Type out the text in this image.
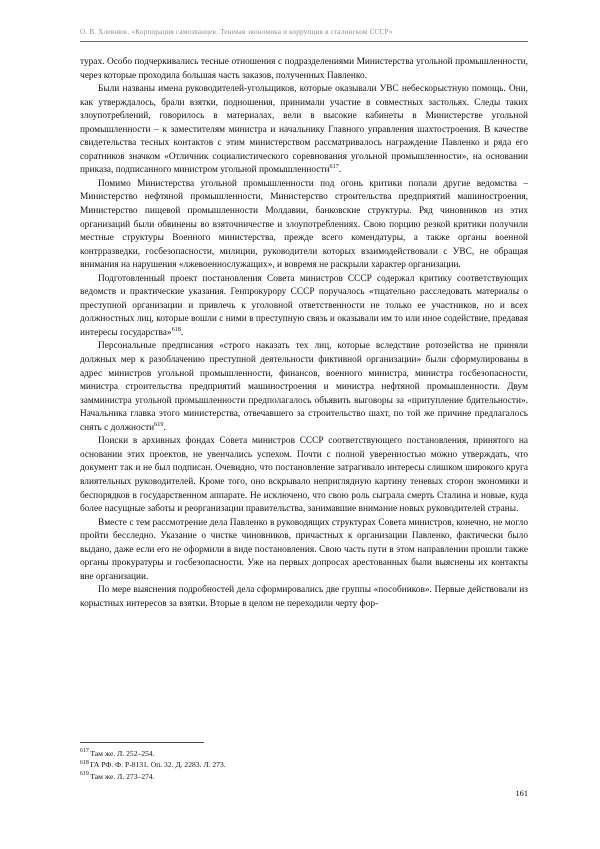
О. В. Хлевнюк. «Корпорация самозванцев. Теневая экономика и коррупция в сталинском СССР»

турах. Особо подчеркивались тесные отношения с подразделениями Министерства угольной промышленности, через которые проходила большая часть заказов, полученных Павленко.

Были названы имена руководителей-угольщиков, которые оказывали УВС небескорыстную помощь. Они, как утверждалось, брали взятки, подношения, принимали участие в совместных застольях. Следы таких злоупотреблений, говорилось в материалах, вели в высокие кабинеты в Министерстве угольной промышленности – к заместителям министра и начальнику Главного управления шахтостроения. В качестве свидетельства тесных контактов с этим министерством рассматривалось награждение Павленко и ряда его соратников значком «Отличник социалистического соревнования угольной промышленности», на основании приказа, подписанного министром угольной промышленности$^{617}$.

Помимо Министерства угольной промышленности под огонь критики попали другие ведомства – Министерство нефтяной промышленности, Министерство строительства предприятий машиностроения, Министерство пищевой промышленности Молдавии, банковские структуры. Ряд чиновников из этих организаций были обвинены во взяточничестве и злоупотреблениях. Свою порцию резкой критики получили местные структуры Военного министерства, прежде всего комендатуры, а также органы военной контрразведки, госбезопасности, милиции, руководители которых взаимодействовали с УВС, не обращая внимания на нарушения «лжевоеннослужащих», и вовремя не раскрыли характер организации.

Подготовленный проект постановления Совета министров СССР содержал критику соответствующих ведомств и практические указания. Генпрокурору СССР поручалось «тщательно расследовать материалы о преступной организации и привлечь к уголовной ответственности не только ее участников, но и всех должностных лиц, которые вошли с ними в преступную связь и оказывали им то или иное содействие, предавая интересы государства»$^{618}$.

Персональные предписания «строго наказать тех лиц, которые вследствие ротозейства не приняли должных мер к разоблачению преступной деятельности фиктивной организации» были сформулированы в адрес министров угольной промышленности, финансов, военного министра, министра госбезопасности, министра строительства предприятий машиностроения и министра нефтяной промышленности. Двум замминистра угольной промышленности предполагалось объявить выговоры за «притупление бдительности». Начальника главка этого министерства, отвечавшего за строительство шахт, по той же причине предлагалось снять с должности$^{619}$.

Поиски в архивных фондах Совета министров СССР соответствующего постановления, принятого на основании этих проектов, не увенчались успехом. Почти с полной уверенностью можно утверждать, что документ так и не был подписан. Очевидно, что постановление затрагивало интересы слишком широкого круга влиятельных руководителей. Кроме того, оно вскрывало неприглядную картину теневых сторон экономики и беспорядков в государственном аппарате. Не исключено, что свою роль сыграла смерть Сталина и новые, куда более насущные заботы и реорганизации правительства, занимавшие внимание новых руководителей страны.

Вместе с тем рассмотрение дела Павленко в руководящих структурах Совета министров, конечно, не могло пройти бесследно. Указание о чистке чиновников, причастных к организации Павленко, фактически было выдано, даже если его не оформили в виде постановления. Свою часть пути в этом направлении прошли также органы прокуратуры и госбезопасности. Уже на первых допросах арестованных были выяснены их контакты вне организации.

По мере выяснения подробностей дела сформировались две группы «пособников». Первые действовали из корыстных интересов за взятки. Вторые в целом не переходили черту фор-

$^{617}$ Там же. Л. 252–254.

$^{618}$ ГА РФ. Ф. Р-8131. Оп. 32. Д. 2283. Л. 273.

$^{619}$ Там же. Л. 273–274.

161
